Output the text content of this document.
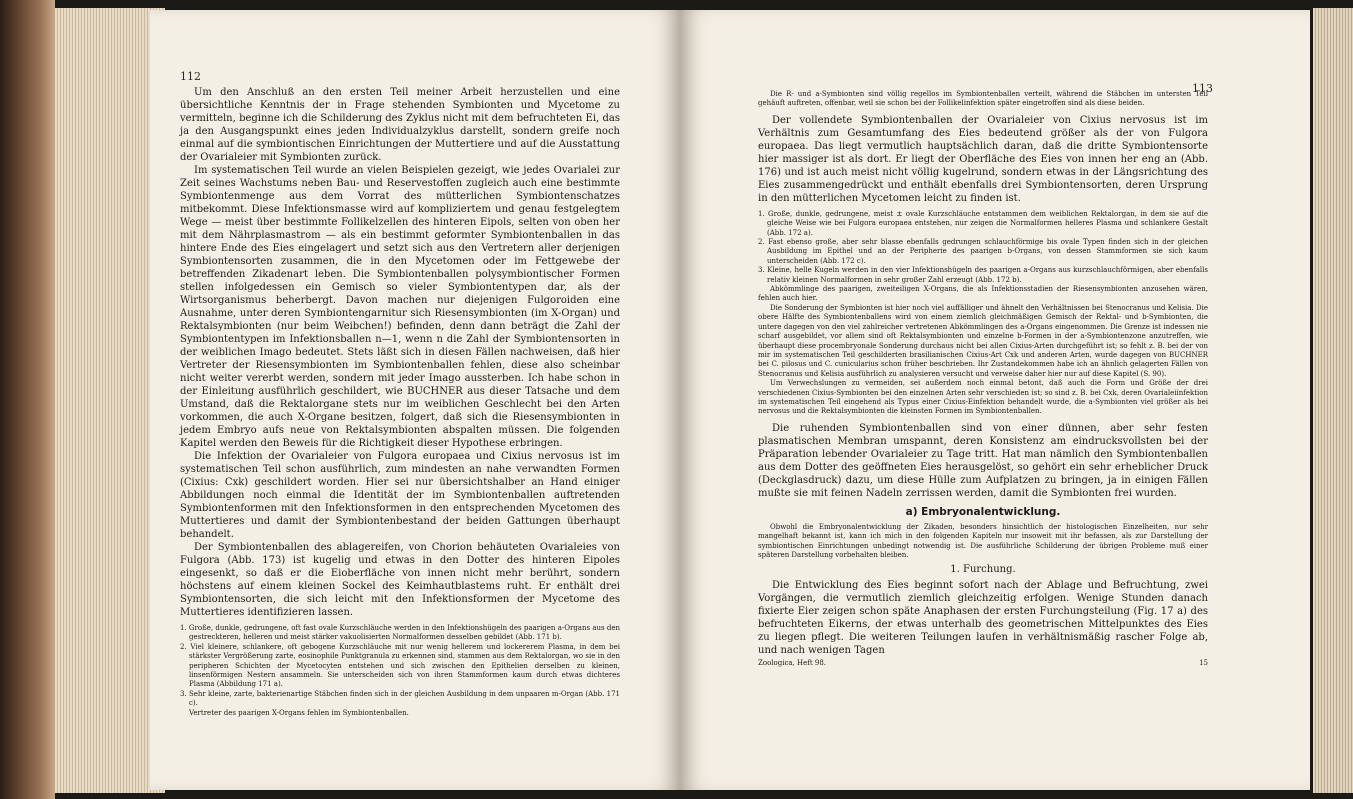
112

Um den Anschluß an den ersten Teil meiner Arbeit herzustellen und eine übersichtliche Kenntnis der in Frage stehenden Symbionten und Mycetome zu vermitteln, beginne ich die Schilderung des Zyklus nicht mit dem befruchteten Ei, das ja den Ausgangspunkt eines jeden Individualzyklus darstellt, sondern greife noch einmal auf die symbiontischen Einrichtungen der Muttertiere und auf die Ausstattung der Ovarialeier mit Symbionten zurück.

Im systematischen Teil wurde an vielen Beispielen gezeigt, wie jedes Ovarialei zur Zeit seines Wachstums neben Bau- und Reservestoffen zugleich auch eine bestimmte Symbiontenmenge aus dem Vorrat des mütterlichen Symbiontenschatzes mitbekommt. Diese Infektionsmasse wird auf kompliziertem und genau festgelegtem Wege — meist über bestimmte Follikelzellen des hinteren Eipols, selten von oben her mit dem Nährplasmastrom — als ein bestimmt geformter Symbiontenballen in das hintere Ende des Eies eingelagert und setzt sich aus den Vertretern aller derjenigen Symbiontensorten zusammen, die in den Mycetomen oder im Fettgewebe der betreffenden Zikadenart leben. Die Symbiontenballen polysymbiontischer Formen stellen infolgedessen ein Gemisch so vieler Symbiontentypen dar, als der Wirtsorganismus beherbergt. Davon machen nur diejenigen Fulgoroiden eine Ausnahme, unter deren Symbiontengarnitur sich Riesensymbionten (im X-Organ) und Rektalsymbionten (nur beim Weibchen!) befinden, denn dann beträgt die Zahl der Symbiontentypen im Infektionsballen n—1, wenn n die Zahl der Symbiontensorten in der weiblichen Imago bedeutet. Stets läßt sich in diesen Fällen nachweisen, daß hier Vertreter der Riesensymbionten im Symbiontenballen fehlen, diese also scheinbar nicht weiter vererbt werden, sondern mit jeder Imago aussterben. Ich habe schon in der Einleitung ausführlich geschildert, wie BUCHNER aus dieser Tatsache und dem Umstand, daß die Rektalorgane stets nur im weiblichen Geschlecht bei den Arten vorkommen, die auch X-Organe besitzen, folgert, daß sich die Riesensymbionten in jedem Embryo aufs neue von Rektalsymbionten abspalten müssen. Die folgenden Kapitel werden den Beweis für die Richtigkeit dieser Hypothese erbringen.

Die Infektion der Ovarialeier von Fulgora europaea und Cixius nervosus ist im systematischen Teil schon ausführlich, zum mindesten an nahe verwandten Formen (Cixius: Cxk) geschildert worden. Hier sei nur übersichtshalber an Hand einiger Abbildungen noch einmal die Identität der im Symbiontenballen auftretenden Symbiontenformen mit den Infektionsformen in den entsprechenden Mycetomen des Muttertieres und damit der Symbiontenbestand der beiden Gattungen überhaupt behandelt.

Der Symbiontenballen des ablagereifen, von Chorion behäuteten Ovarialeies von Fulgora (Abb. 173) ist kugelig und etwas in den Dotter des hinteren Eipoles eingesenkt, so daß er die Eioberfläche von innen nicht mehr berührt, sondern höchstens auf einem kleinen Sockel des Keimhautblastems ruht. Er enthält drei Symbiontensorten, die sich leicht mit den Infektionsformen der Mycetome des Muttertieres identifizieren lassen.

1. Große, dunkle, gedrungene, oft fast ovale Kurzschläuche werden in den Infektionshügeln des paarigen a-Organs aus den gestreckteren, helleren und meist stärker vakuolisierten Normalformen desselben gebildet (Abb. 171 b).

2. Viel kleinere, schlankere, oft gebogene Kurzschläuche mit nur wenig hellerem und lockererem Plasma, in dem bei stärkster Vergrößerung zarte, eosinophile Punktgranula zu erkennen sind, stammen aus dem Rektalorgan, wo sie in den peripheren Schichten der Mycetocyten entstehen und sich zwischen den Epithelien derselben zu kleinen, linsenförmigen Nestern ansammeln. Sie unterscheiden sich von ihren Stammformen kaum durch etwas dichteres Plasma (Abbildung 171 a).

3. Sehr kleine, zarte, bakterienartige Stäbchen finden sich in der gleichen Ausbildung in dem unpaaren m-Organ (Abb. 171 c).

Vertreter des paarigen X-Organs fehlen im Symbiontenballen.

113

Die R- und a-Symbionten sind völlig regellos im Symbiontenballen verteilt, während die Stäbchen im untersten Teil gehäuft auftreten, offenbar, weil sie schon bei der Follikelinfektion später eingetroffen sind als diese beiden.

Der vollendete Symbiontenballen der Ovarialeier von Cixius nervosus ist im Verhältnis zum Gesamtumfang des Eies bedeutend größer als der von Fulgora europaea. Das liegt vermutlich hauptsächlich daran, daß die dritte Symbiontensorte hier massiger ist als dort. Er liegt der Oberfläche des Eies von innen her eng an (Abb. 176) und ist auch meist nicht völlig kugelrund, sondern etwas in der Längsrichtung des Eies zusammengedrückt und enthält ebenfalls drei Symbiontensorten, deren Ursprung in den mütterlichen Mycetomen leicht zu finden ist.

1. Große, dunkle, gedrungene, meist ± ovale Kurzschläuche entstammen dem weiblichen Rektalorgan, in dem sie auf die gleiche Weise wie bei Fulgora europaea entstehen, nur zeigen die Normalformen helleres Plasma und schlankere Gestalt (Abb. 172 a).

2. Fast ebenso große, aber sehr blasse ebenfalls gedrungen schlauchförmige bis ovale Typen finden sich in der gleichen Ausbildung im Epithel und an der Peripherie des paarigen b-Organs, von dessen Stammformen sie sich kaum unterscheiden (Abb. 172 c).

3. Kleine, helle Kugeln werden in den vier Infektionshügeln des paarigen a-Organs aus kurzschlauchförmigen, aber ebenfalls relativ kleinen Normalformen in sehr großer Zahl erzeugt (Abb. 172 b).

Abkömmlinge des paarigen, zweiteiligen X-Organs, die als Infektionsstadien der Riesensymbionten anzusehen wären, fehlen auch hier.

Die Sonderung der Symbionten ist hier noch viel auffälliger und ähnelt den Verhältnissen bei Stenocranus und Kelisia. Die obere Hälfte des Symbiontenballens wird von einem ziemlich gleichmäßigen Gemisch der Rektal- und b-Symbionten, die untere dagegen von den viel zahlreicher vertretenen Abkömmlingen des a-Organs eingenommen. Die Grenze ist indessen nie scharf ausgebildet, vor allem sind oft Rektalsymbionten und einzelne b-Formen in der a-Symbiontenzone anzutreffen, wie überhaupt diese procembryonale Sonderung durchaus nicht bei allen Cixius-Arten durchgeführt ist; so fehlt z. B. bei der von mir im systematischen Teil geschilderten brasilianischen Cixius-Art Cxk und anderen Arten, wurde dagegen von BUCHNER bei C. pilosus und C. cunicularius schon früher beschrieben. Ihr Zustandekommen habe ich an ähnlich gelagerten Fällen von Stenocranus und Kelisia ausführlich zu analysieren versucht und verweise daher hier nur auf diese Kapitel (S. 90).

Um Verwechslungen zu vermeiden, sei außerdem noch einmal betont, daß auch die Form und Größe der drei verschiedenen Cixius-Symbionten bei den einzelnen Arten sehr verschieden ist; so sind z. B. bei Cxk, deren Ovarialeiinfektion im systematischen Teil eingehend als Typus einer Cixius-Einfektion behandelt wurde, die a-Symbionten viel größer als bei nervosus und die Rektalsymbionten die kleinsten Formen im Symbiontenballen.

Die ruhenden Symbiontenballen sind von einer dünnen, aber sehr festen plasmatischen Membran umspannt, deren Konsistenz am eindrucksvollsten bei der Präparation lebender Ovarialeier zu Tage tritt. Hat man nämlich den Symbiontenballen aus dem Dotter des geöffneten Eies herausgelöst, so gehört ein sehr erheblicher Druck (Deckglasdruck) dazu, um diese Hülle zum Aufplatzen zu bringen, ja in einigen Fällen mußte sie mit feinen Nadeln zerrissen werden, damit die Symbionten frei wurden.

a) Embryonalentwicklung.

Obwohl die Embryonalentwicklung der Zikaden, besonders hinsichtlich der histologischen Einzelheiten, nur sehr mangelhaft bekannt ist, kann ich mich in den folgenden Kapiteln nur insoweit mit ihr befassen, als zur Darstellung der symbiontischen Einrichtungen unbedingt notwendig ist. Die ausführliche Schilderung der übrigen Probleme muß einer späteren Darstellung vorbehalten bleiben.

1. Furchung.

Die Entwicklung des Eies beginnt sofort nach der Ablage und Befruchtung, zwei Vorgängen, die vermutlich ziemlich gleichzeitig erfolgen. Wenige Stunden danach fixierte Eier zeigen schon späte Anaphasen der ersten Furchungsteilung (Fig. 17 a) des befruchteten Eikerns, der etwas unterhalb des geometrischen Mittelpunktes des Eies zu liegen pflegt. Die weiteren Teilungen laufen in verhältnismäßig rascher Folge ab, und nach wenigen Tagen

Zoologica, Heft 98.	15
